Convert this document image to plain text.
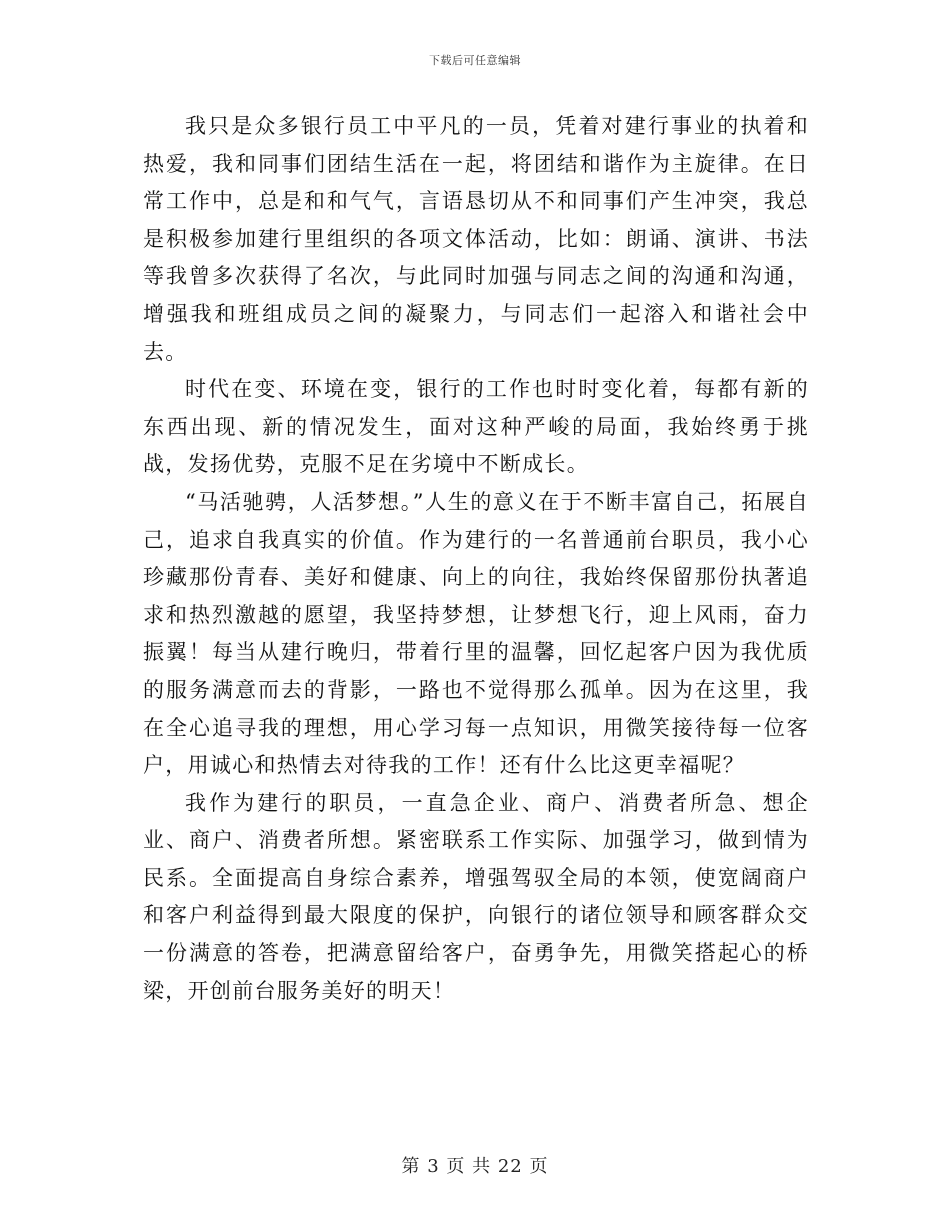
下载后可任意编辑

我只是众多银行员工中平凡的一员，凭着对建行事业的执着和热爱，我和同事们团结生活在一起，将团结和谐作为主旋律。在日常工作中，总是和和气气，言语恳切从不和同事们产生冲突，我总是积极参加建行里组织的各项文体活动，比如：朗诵、演讲、书法等我曾多次获得了名次，与此同时加强与同志之间的沟通和沟通，增强我和班组成员之间的凝聚力，与同志们一起溶入和谐社会中去。

时代在变、环境在变，银行的工作也时时变化着，每都有新的东西出现、新的情况发生，面对这种严峻的局面，我始终勇于挑战，发扬优势，克服不足在劣境中不断成长。

“马活驰骋，人活梦想。”人生的意义在于不断丰富自己，拓展自己，追求自我真实的价值。作为建行的一名普通前台职员，我小心珍藏那份青春、美好和健康、向上的向往，我始终保留那份执著追求和热烈激越的愿望，我坚持梦想，让梦想飞行，迎上风雨，奋力振翼！每当从建行晚归，带着行里的温馨，回忆起客户因为我优质的服务满意而去的背影，一路也不觉得那么孤单。因为在这里，我在全心追寻我的理想，用心学习每一点知识，用微笑接待每一位客户，用诚心和热情去对待我的工作！还有什么比这更幸福呢？

我作为建行的职员，一直急企业、商户、消费者所急、想企业、商户、消费者所想。紧密联系工作实际、加强学习，做到情为民系。全面提高自身综合素养，增强驾驭全局的本领，使宽阔商户和客户利益得到最大限度的保护，向银行的诸位领导和顾客群众交一份满意的答卷，把满意留给客户，奋勇争先，用微笑搭起心的桥梁，开创前台服务美好的明天！

第 3 页 共 22 页
